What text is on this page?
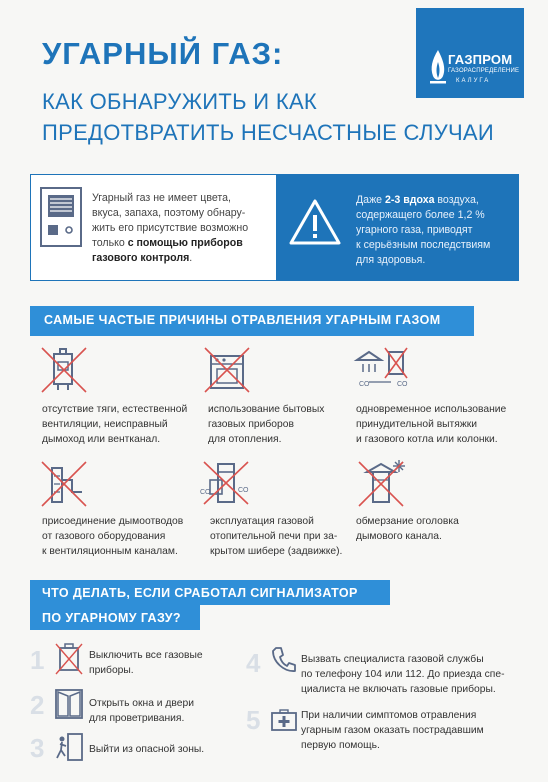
УГАРНЫЙ ГАЗ:
КАК ОБНАРУЖИТЬ И КАК
ПРЕДОТВРАТИТЬ НЕСЧАСТНЫЕ СЛУЧАИ
ГАЗПРОМ
ГАЗОРАСПРЕДЕЛЕНИЕ
КАЛУГА
Угарный газ не имеет цвета,
вкуса, запаха, поэтому обнару-
жить его присутствие возможно
только с помощью приборов
газового контроля.
Даже 2-3 вдоха воздуха,
содержащего более 1,2 %
угарного газа, приводят
к серьёзным последствиям
для здоровья.
САМЫЕ ЧАСТЫЕ ПРИЧИНЫ ОТРАВЛЕНИЯ УГАРНЫМ ГАЗОМ
отсутствие тяги, естественной
вентиляции, неисправный
дымоход или вентканал.
использование бытовых
газовых приборов
для отопления.
CO	CO
одновременное использование
принудительной вытяжки
и газового котла или колонки.
присоединение дымоотводов
от газового оборудования
к вентиляционным каналам.
CO	CO
эксплуатация газовой
отопительной печи при за-
крытом шибере (задвижке).
обмерзание оголовка
дымового канала.
ЧТО ДЕЛАТЬ, ЕСЛИ СРАБОТАЛ СИГНАЛИЗАТОР
ПО УГАРНОМУ ГАЗУ?
1	Выключить все газовые
приборы.
2	Открыть окна и двери
для проветривания.
3	Выйти из опасной зоны.
4	Вызвать специалиста газовой службы
по телефону 104 или 112. До приезда спе-
циалиста не включать газовые приборы.
5	При наличии симптомов отравления
угарным газом оказать пострадавшим
первую помощь.
